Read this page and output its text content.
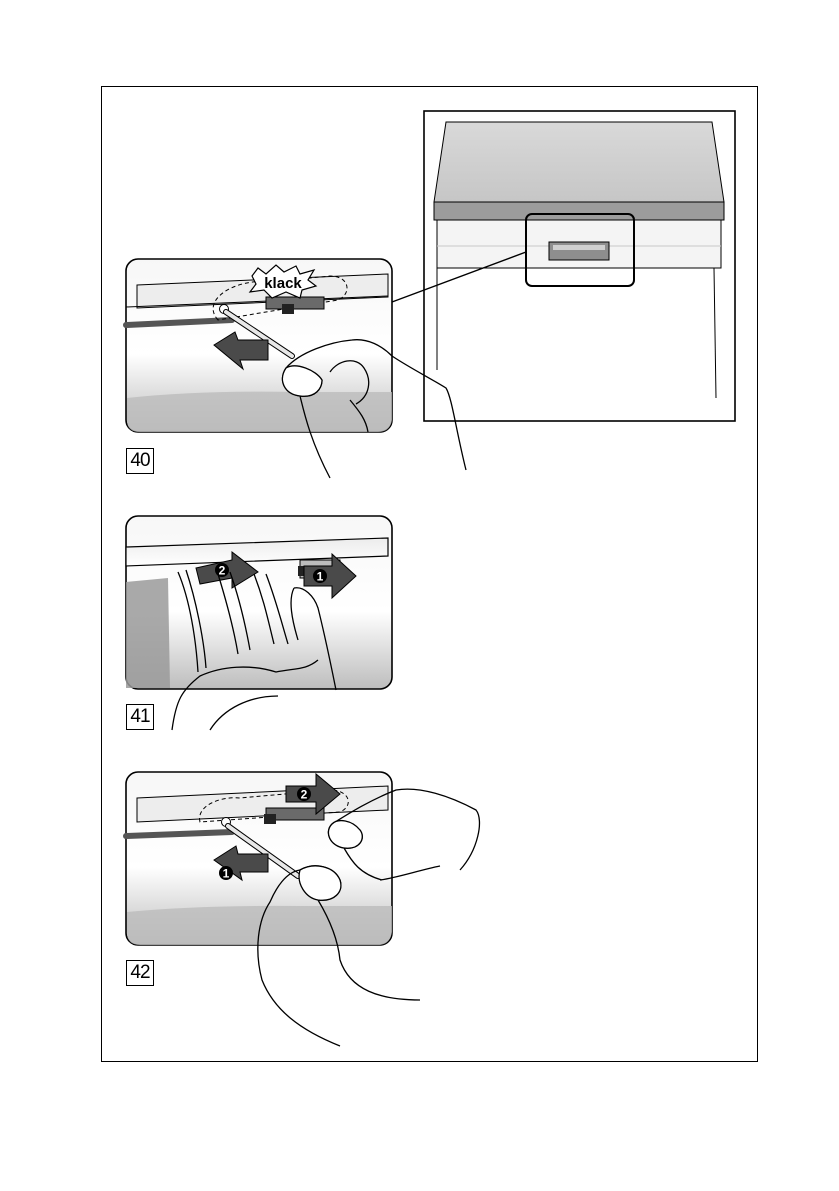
klack
2	1
2
1
40
41
42
